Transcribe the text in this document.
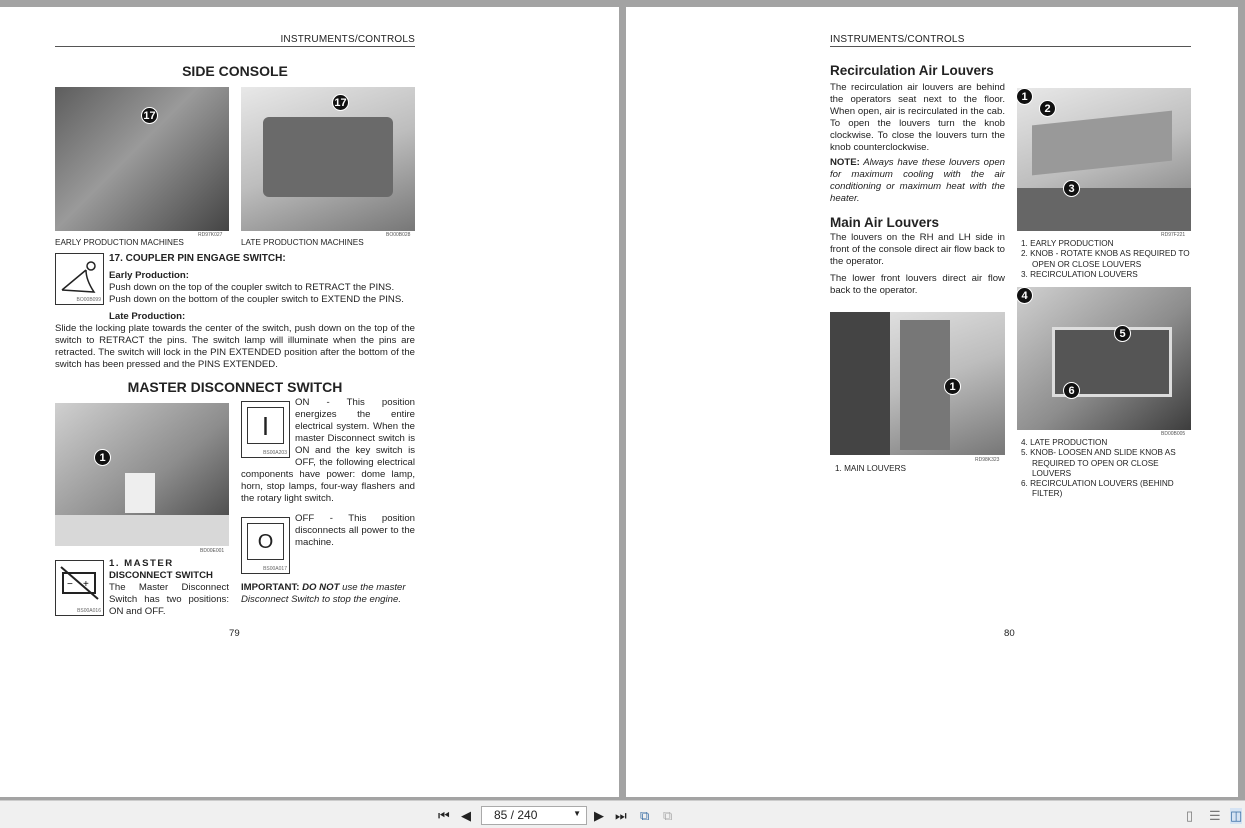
INSTRUMENTS/CONTROLS
SIDE CONSOLE
17
RD97K027
EARLY PRODUCTION MACHINES
17
BO00B028
LATE PRODUCTION MACHINES
BO00B099
17. COUPLER PIN ENGAGE SWITCH:
Early Production:
Push down on the top of the coupler switch to RETRACT the PINS.
Push down on the bottom of the coupler switch to EXTEND the PINS.
Late Production:
Slide the locking plate towards the center of the switch, push down on the top of the switch to RETRACT the pins. The switch lamp will illuminate when the pins are retracted. The switch will lock in the PIN EXTENDED position after the bottom of the switch has been pressed and the PINS EXTENDED.
MASTER DISCONNECT SWITCH
1
BD00E001
I
BS00A203
ON - This position energizes the entire electrical system. When the master Disconnect switch is ON and the key switch is OFF, the following electrical components have power: dome lamp, horn, stop lamps, four-way flashers and the rotary light switch.
O
BS00A017
OFF - This position disconnects all power to the machine.
IMPORTANT: DO NOT use the master Disconnect Switch to stop the engine.
− +
BS00A016
1. MASTER
DISCONNECT SWITCH
The Master Disconnect Switch has two positions: ON and OFF.
79
INSTRUMENTS/CONTROLS
Recirculation Air Louvers
The recirculation air louvers are behind the operators seat next to the floor. When open, air is recirculated in the cab. To open the louvers turn the knob clockwise. To close the louvers turn the knob counterclockwise.
NOTE: Always have these louvers open for maximum cooling with the air conditioning or maximum heat with the heater.
Main Air Louvers
The louvers on the RH and LH side in front of the console direct air flow back to the operator.
The lower front louvers direct air flow back to the operator.
1
RD98K323
1. MAIN LOUVERS
1
2
3
RD97F221
1. EARLY PRODUCTION
2. KNOB - ROTATE KNOB AS REQUIRED TO OPEN OR CLOSE LOUVERS
3. RECIRCULATION LOUVERS
4
5
6
BD00B005
4. LATE PRODUCTION
5. KNOB- LOOSEN AND SLIDE KNOB AS REQUIRED TO OPEN OR CLOSE LOUVERS
6. RECIRCULATION LOUVERS (BEHIND FILTER)
80
⏮ ◀	85 / 240	▼ ▶ ⏭ ⧉ ⧉	▯ ☰ ◫
